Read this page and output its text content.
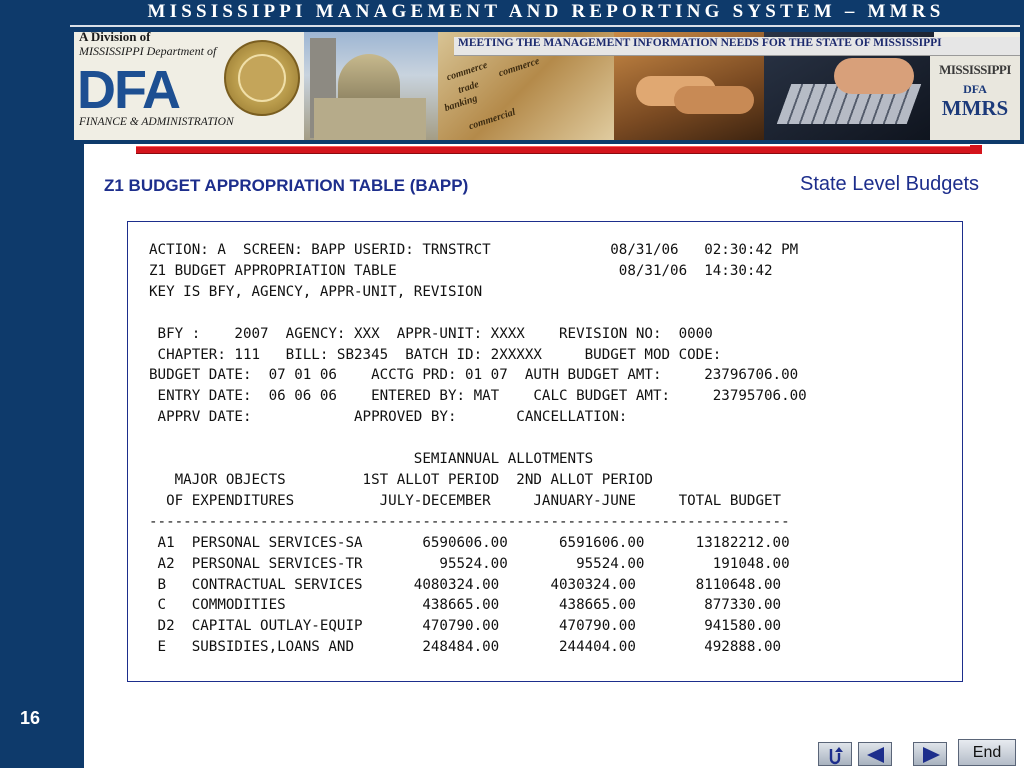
16
MISSISSIPPI MANAGEMENT AND REPORTING SYSTEM – MMRS
A Division of
MISSISSIPPI Department of
DFA
FINANCE & ADMINISTRATION
commerce
trade
banking
commercial
commerce
MEETING THE MANAGEMENT INFORMATION NEEDS FOR THE STATE OF MISSISSIPPI
MISSISSIPPI
DFA
MMRS
Z1 BUDGET APPROPRIATION TABLE (BAPP)	State Level Budgets
ACTION: A  SCREEN: BAPP USERID: TRNSTRCT              08/31/06   02:30:42 PM
Z1 BUDGET APPROPRIATION TABLE                          08/31/06  14:30:42
KEY IS BFY, AGENCY, APPR-UNIT, REVISION

BFY :    2007  AGENCY: XXX  APPR-UNIT: XXXX    REVISION NO:  0000
CHAPTER: 111   BILL: SB2345  BATCH ID: 2XXXXX     BUDGET MOD CODE:
BUDGET DATE:  07 01 06    ACCTG PRD: 01 07  AUTH BUDGET AMT:     23796706.00
ENTRY DATE:  06 06 06    ENTERED BY: MAT    CALC BUDGET AMT:     23795706.00
APPRV DATE:            APPROVED BY:       CANCELLATION:

SEMIANNUAL ALLOTMENTS
MAJOR OBJECTS         1ST ALLOT PERIOD  2ND ALLOT PERIOD
OF EXPENDITURES          JULY-DECEMBER     JANUARY-JUNE     TOTAL BUDGET
---------------------------------------------------------------------------
A1  PERSONAL SERVICES-SA       6590606.00      6591606.00      13182212.00
A2  PERSONAL SERVICES-TR         95524.00        95524.00        191048.00
B   CONTRACTUAL SERVICES      4080324.00      4030324.00       8110648.00
C   COMMODITIES                438665.00       438665.00        877330.00
D2  CAPITAL OUTLAY-EQUIP       470790.00       470790.00        941580.00
E   SUBSIDIES,LOANS AND        248484.00       244404.00        492888.00
End
